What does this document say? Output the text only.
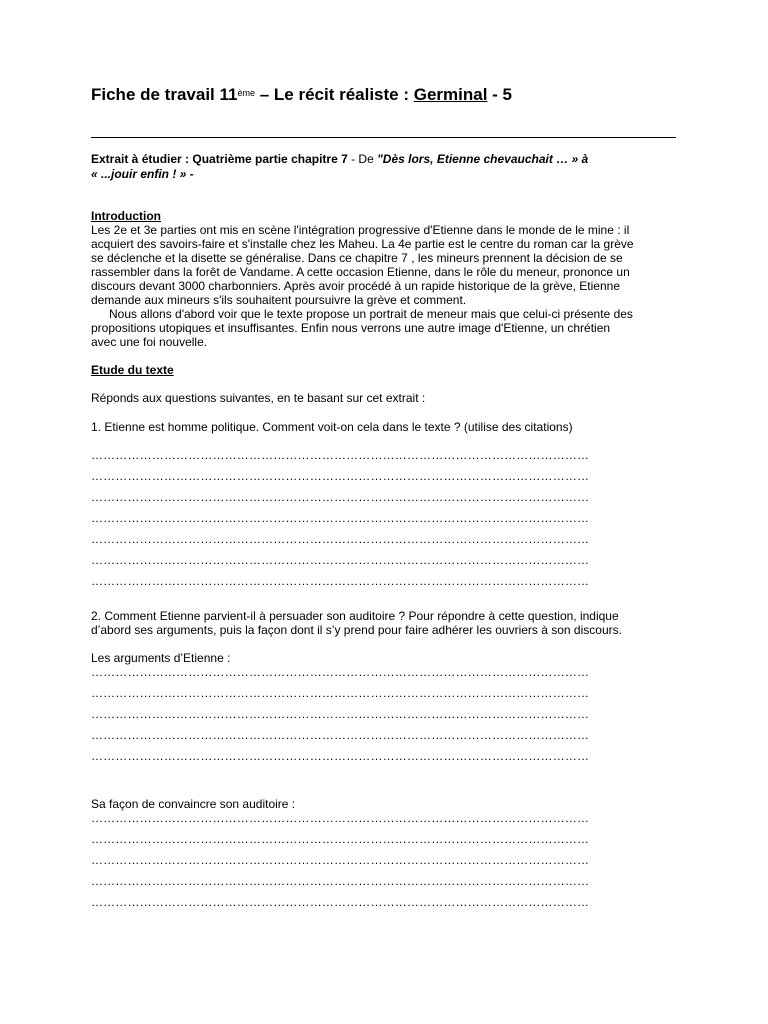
Fiche de travail 11ème – Le récit réaliste : Germinal - 5
Extrait à étudier : Quatrième partie chapitre 7 - De "Dès lors, Etienne chevauchait … » à
« ...jouir enfin ! » -
Introduction
Les 2e et 3e parties ont mis en scène l'intégration progressive d'Etienne dans le monde de le mine : il
acquiert des savoirs-faire et s'installe chez les Maheu. La 4e partie est le centre du roman car la grève
se déclenche et la disette se généralise. Dans ce chapitre 7 , les mineurs prennent la décision de se
rassembler dans la forêt de Vandame. A cette occasion Etienne, dans le rôle du meneur, prononce un
discours devant 3000 charbonniers. Après avoir procédé à un rapide historique de la grève, Etienne
demande aux mineurs s'ils souhaitent poursuivre la grève et comment.
Nous allons d'abord voir que le texte propose un portrait de meneur mais que celui-ci présente des
propositions utopiques et insuffisantes. Enfin nous verrons une autre image d'Etienne, un chrétien
avec une foi nouvelle.
Etude du texte
Réponds aux questions suivantes, en te basant sur cet extrait :
1. Etienne est homme politique. Comment voit-on cela dans le texte ? (utilise des citations)
……………………………………………………………………………………………………………
……………………………………………………………………………………………………………
……………………………………………………………………………………………………………
……………………………………………………………………………………………………………
……………………………………………………………………………………………………………
……………………………………………………………………………………………………………
……………………………………………………………………………………………………………
2. Comment Etienne parvient-il à persuader son auditoire ? Pour répondre à cette question, indique
d’abord ses arguments, puis la façon dont il s’y prend pour faire adhérer les ouvriers à son discours.
Les arguments d’Etienne :
……………………………………………………………………………………………………………
……………………………………………………………………………………………………………
……………………………………………………………………………………………………………
……………………………………………………………………………………………………………
……………………………………………………………………………………………………………
Sa façon de convaincre son auditoire :
……………………………………………………………………………………………………………
……………………………………………………………………………………………………………
……………………………………………………………………………………………………………
……………………………………………………………………………………………………………
……………………………………………………………………………………………………………
